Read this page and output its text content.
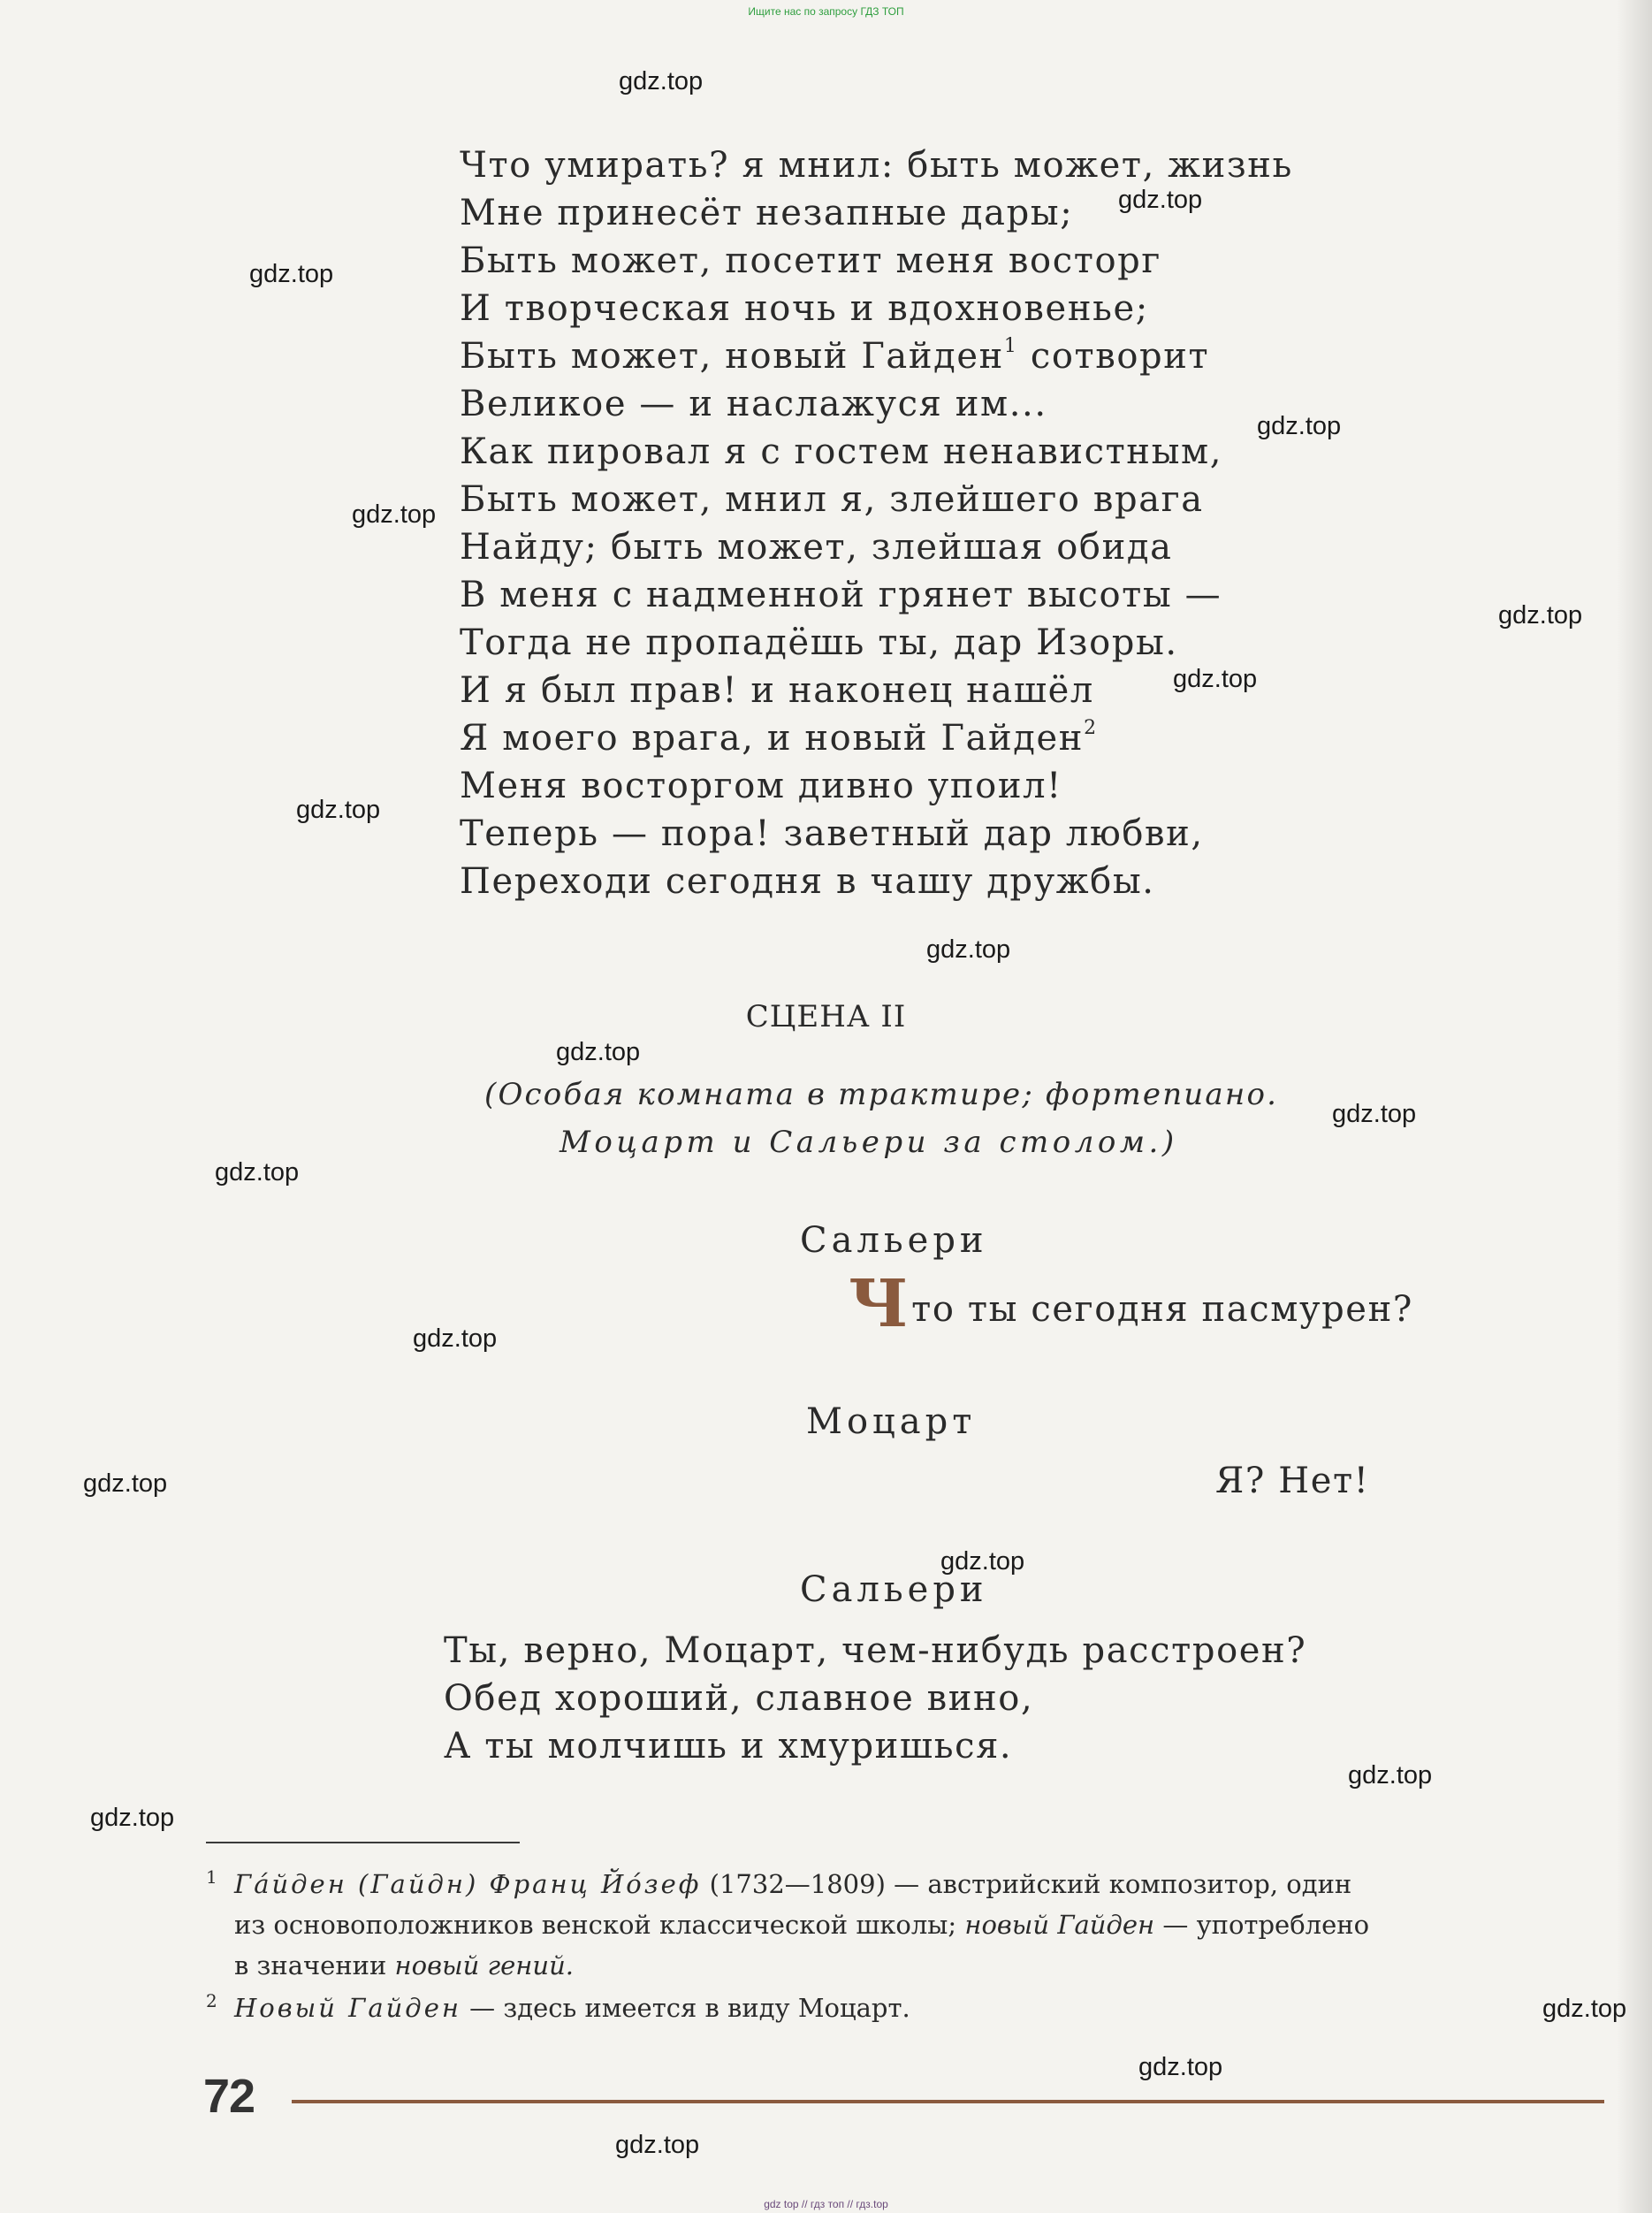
Ищите нас по запросу ГДЗ ТОП
gdz.top
gdz.top
gdz.top
gdz.top
gdz.top
gdz.top
gdz.top
gdz.top
gdz.top
gdz.top
gdz.top
gdz.top
gdz.top
gdz.top
gdz.top
gdz.top
gdz.top
gdz.top
gdz.top
gdz.top
Что умирать? я мнил: быть может, жизнь
Мне принесёт незапные дары;
Быть может, посетит меня восторг
И творческая ночь и вдохновенье;
Быть может, новый Гайден$^1$ сотворит
Великое — и наслажуся им...
Как пировал я с гостем ненавистным,
Быть может, мнил я, злейшего врага
Найду; быть может, злейшая обида
В меня с надменной грянет высоты —
Тогда не пропадёшь ты, дар Изоры.
И я был прав! и наконец нашёл
Я моего врага, и новый Гайден$^2$
Меня восторгом дивно упоил!
Теперь — пора! заветный дар любви,
Переходи сегодня в чашу дружбы.
СЦЕНА II
(Особая комната в трактире; фортепиано.
Моцарт и Сальери за столом.)
Сальери
Что ты сегодня пасмурен?
Моцарт
Я? Нет!
Сальери
Ты, верно, Моцарт, чем-нибудь расстроен?
Обед хороший, славное вино,
А ты молчишь и хмуришься.
1 Га́йден (Гайдн) Франц Йо́зеф (1732—1809) — австрийский композитор, один
из основоположников венской классической школы; новый Гайден — употреблено
в значении новый гений.
2 Новый Гайден — здесь имеется в виду Моцарт.
72
gdz top // гдз топ // гдз.top
